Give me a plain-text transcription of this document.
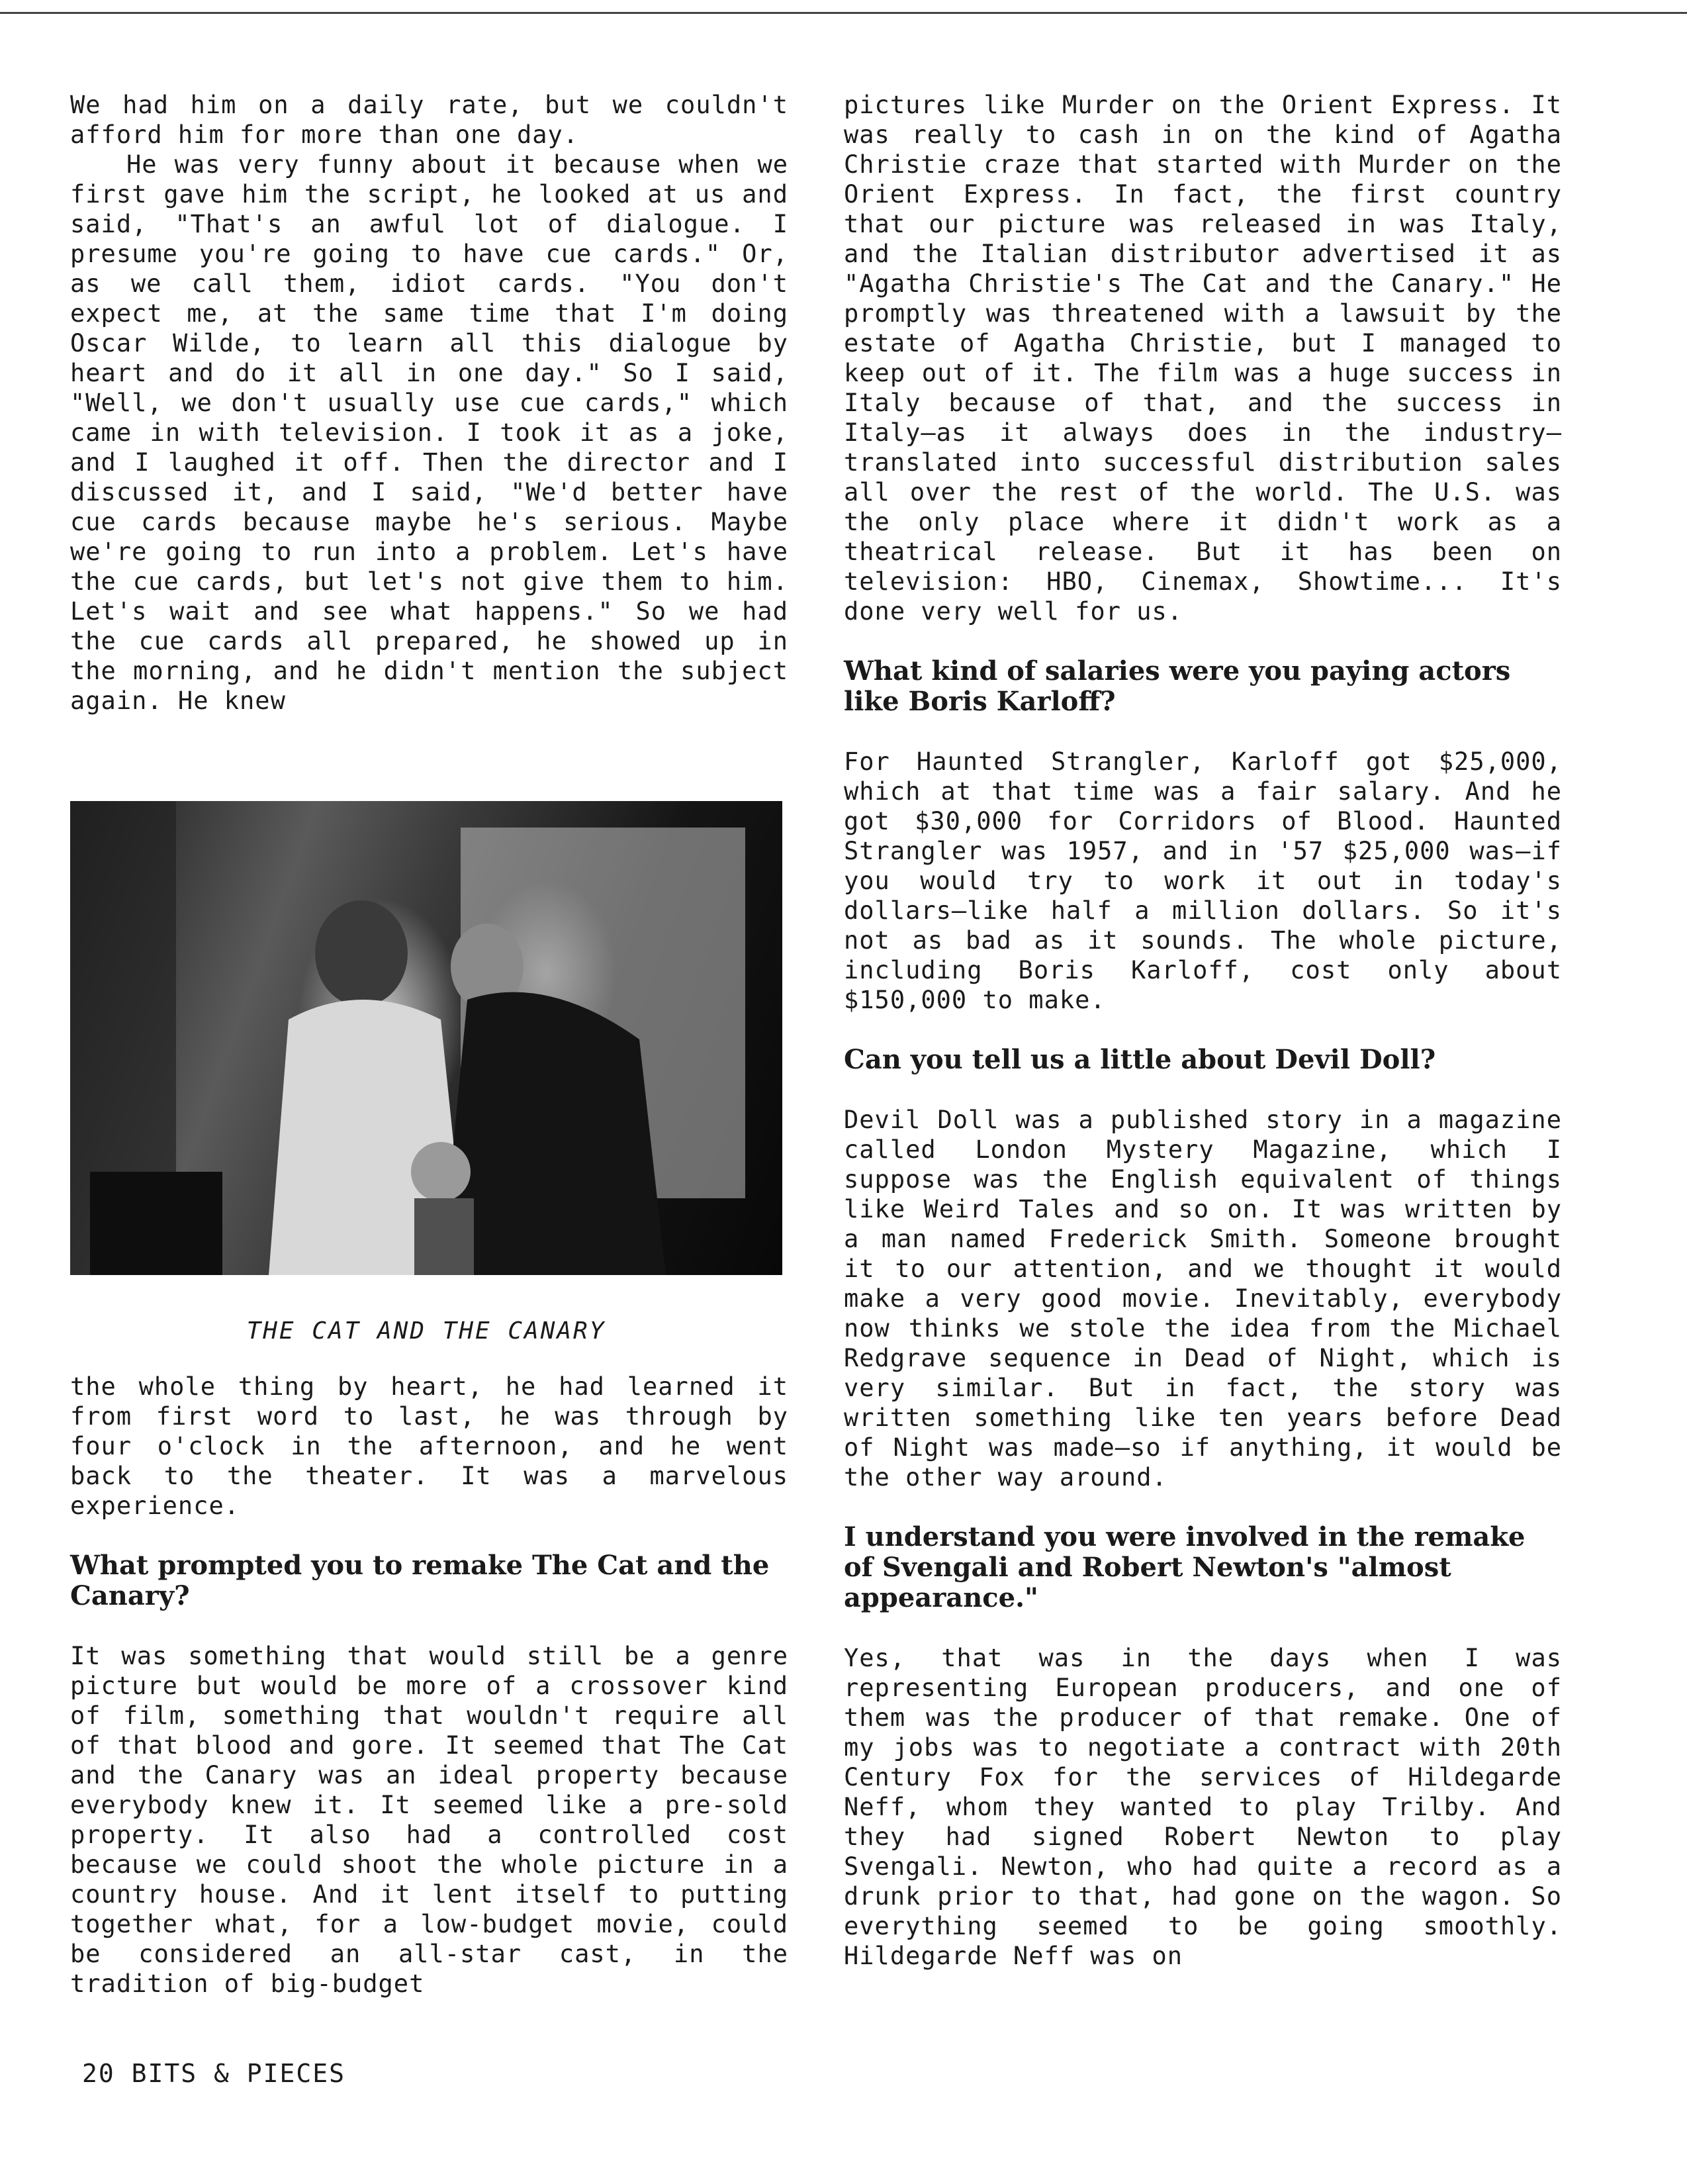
We had him on a daily rate, but we couldn't afford him for more than one day.

He was very funny about it because when we first gave him the script, he looked at us and said, "That's an awful lot of dialogue. I presume you're going to have cue cards." Or, as we call them, idiot cards. "You don't expect me, at the same time that I'm doing Oscar Wilde, to learn all this dialogue by heart and do it all in one day." So I said, "Well, we don't usually use cue cards," which came in with television. I took it as a joke, and I laughed it off. Then the director and I discussed it, and I said, "We'd better have cue cards because maybe he's serious. Maybe we're going to run into a problem. Let's have the cue cards, but let's not give them to him. Let's wait and see what happens." So we had the cue cards all prepared, he showed up in the morning, and he didn't mention the subject again. He knew

THE CAT AND THE CANARY

the whole thing by heart, he had learned it from first word to last, he was through by four o'clock in the afternoon, and he went back to the theater. It was a marvelous experience.

What prompted you to remake The Cat and the Canary?

It was something that would still be a genre picture but would be more of a crossover kind of film, something that wouldn't require all of that blood and gore. It seemed that The Cat and the Canary was an ideal property because everybody knew it. It seemed like a pre-sold property. It also had a controlled cost because we could shoot the whole picture in a country house. And it lent itself to putting together what, for a low-budget movie, could be considered an all-star cast, in the tradition of big-budget

pictures like Murder on the Orient Express. It was really to cash in on the kind of Agatha Christie craze that started with Murder on the Orient Express. In fact, the first country that our picture was released in was Italy, and the Italian distributor advertised it as "Agatha Christie's The Cat and the Canary." He promptly was threatened with a lawsuit by the estate of Agatha Christie, but I managed to keep out of it. The film was a huge success in Italy because of that, and the success in Italy—as it always does in the industry—translated into successful distribution sales all over the rest of the world. The U.S. was the only place where it didn't work as a theatrical release. But it has been on television: HBO, Cinemax, Showtime... It's done very well for us.

What kind of salaries were you paying actors like Boris Karloff?

For Haunted Strangler, Karloff got $25,000, which at that time was a fair salary. And he got $30,000 for Corridors of Blood. Haunted Strangler was 1957, and in '57 $25,000 was—if you would try to work it out in today's dollars—like half a million dollars. So it's not as bad as it sounds. The whole picture, including Boris Karloff, cost only about $150,000 to make.

Can you tell us a little about Devil Doll?

Devil Doll was a published story in a magazine called London Mystery Magazine, which I suppose was the English equivalent of things like Weird Tales and so on. It was written by a man named Frederick Smith. Someone brought it to our attention, and we thought it would make a very good movie. Inevitably, everybody now thinks we stole the idea from the Michael Redgrave sequence in Dead of Night, which is very similar. But in fact, the story was written something like ten years before Dead of Night was made—so if anything, it would be the other way around.

I understand you were involved in the remake of Svengali and Robert Newton's "almost appearance."

Yes, that was in the days when I was representing European producers, and one of them was the producer of that remake. One of my jobs was to negotiate a contract with 20th Century Fox for the services of Hildegarde Neff, whom they wanted to play Trilby. And they had signed Robert Newton to play Svengali. Newton, who had quite a record as a drunk prior to that, had gone on the wagon. So everything seemed to be going smoothly. Hildegarde Neff was on

20 BITS & PIECES
